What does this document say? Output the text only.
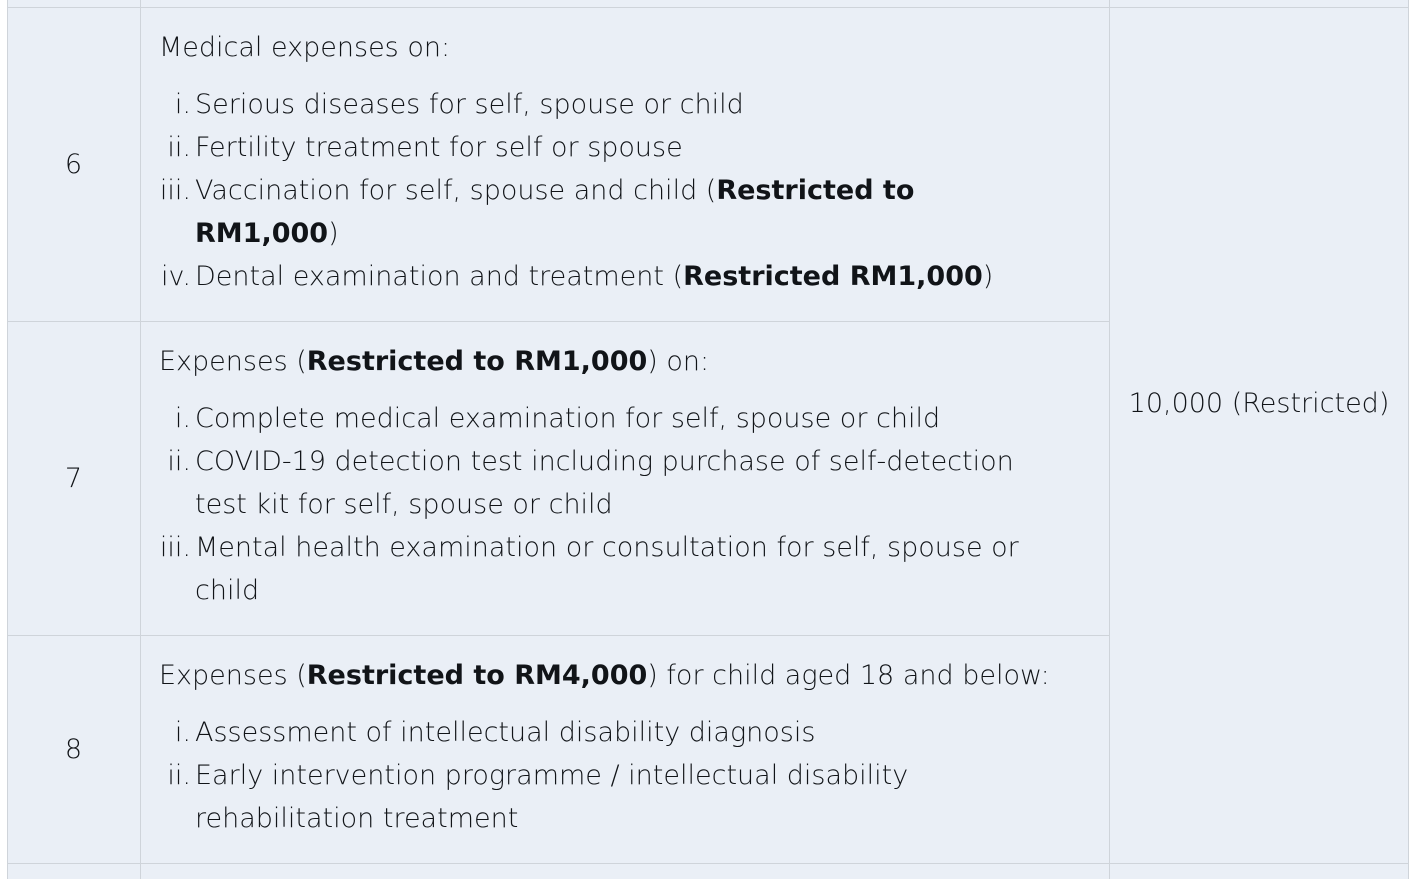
6
Medical expenses on:
i. Serious diseases for self, spouse or child
ii. Fertility treatment for self or spouse
iii. Vaccination for self, spouse and child (Restricted to RM1,000)
iv. Dental examination and treatment (Restricted RM1,000)
7
Expenses (Restricted to RM1,000) on:
i. Complete medical examination for self, spouse or child
ii. COVID-19 detection test including purchase of self-detection test kit for self, spouse or child
iii. Mental health examination or consultation for self, spouse or child
8
Expenses (Restricted to RM4,000) for child aged 18 and below:
i. Assessment of intellectual disability diagnosis
ii. Early intervention programme / intellectual disability rehabilitation treatment
10,000 (Restricted)
